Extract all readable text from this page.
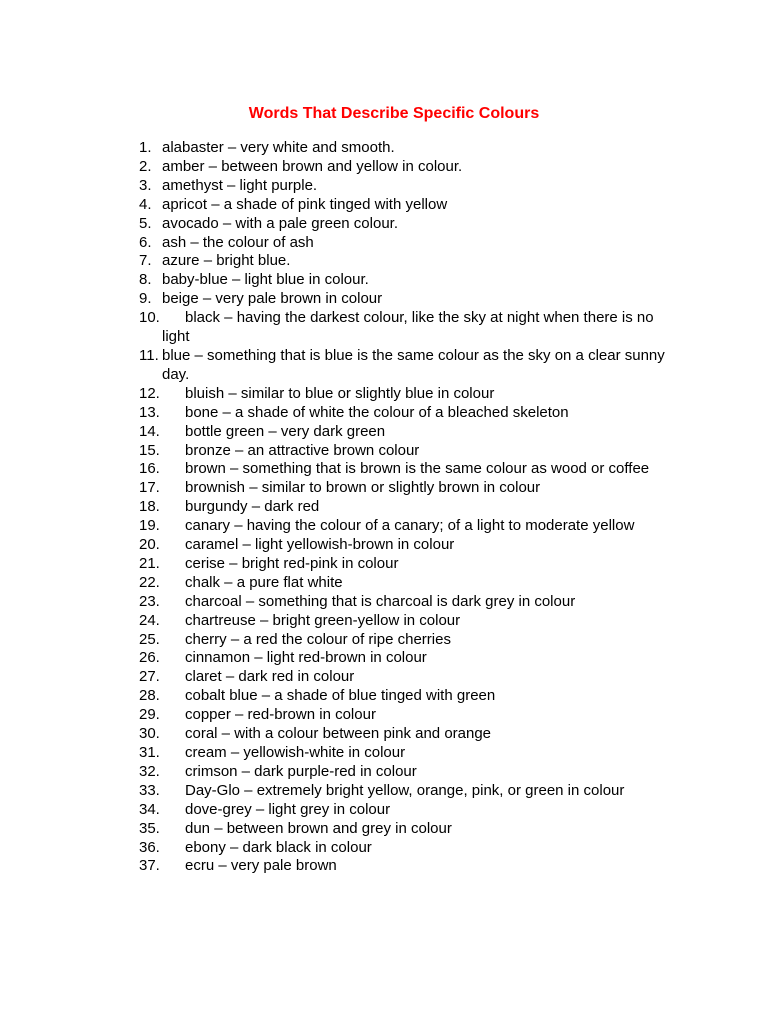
Words That Describe Specific Colours
1. alabaster – very white and smooth.
2. amber – between brown and yellow in colour.
3. amethyst – light purple.
4. apricot – a shade of pink tinged with yellow
5. avocado – with a pale green colour.
6. ash – the colour of ash
7. azure – bright blue.
8. baby-blue – light blue in colour.
9. beige – very pale brown in colour
10.	black – having the darkest colour, like the sky at night when there is no light
11. blue – something that is blue is the same colour as the sky on a clear sunny day.
12.	bluish – similar to blue or slightly blue in colour
13.	bone – a shade of white the colour of a bleached skeleton
14.	bottle green – very dark green
15.	bronze – an attractive brown colour
16.	brown – something that is brown is the same colour as wood or coffee
17.	brownish – similar to brown or slightly brown in colour
18.	burgundy – dark red
19.	canary – having the colour of a canary; of a light to moderate yellow
20.	caramel – light yellowish-brown in colour
21.	cerise – bright red-pink in colour
22.	chalk – a pure flat white
23.	charcoal – something that is charcoal is dark grey in colour
24.	chartreuse – bright green-yellow in colour
25.	cherry – a red the colour of ripe cherries
26.	cinnamon – light red-brown in colour
27.	claret – dark red in colour
28.	cobalt blue – a shade of blue tinged with green
29.	copper – red-brown in colour
30.	coral – with a colour between pink and orange
31.	cream – yellowish-white in colour
32.	crimson – dark purple-red in colour
33.	Day-Glo – extremely bright yellow, orange, pink, or green in colour
34.	dove-grey – light grey in colour
35.	dun – between brown and grey in colour
36.	ebony – dark black in colour
37.	ecru – very pale brown
